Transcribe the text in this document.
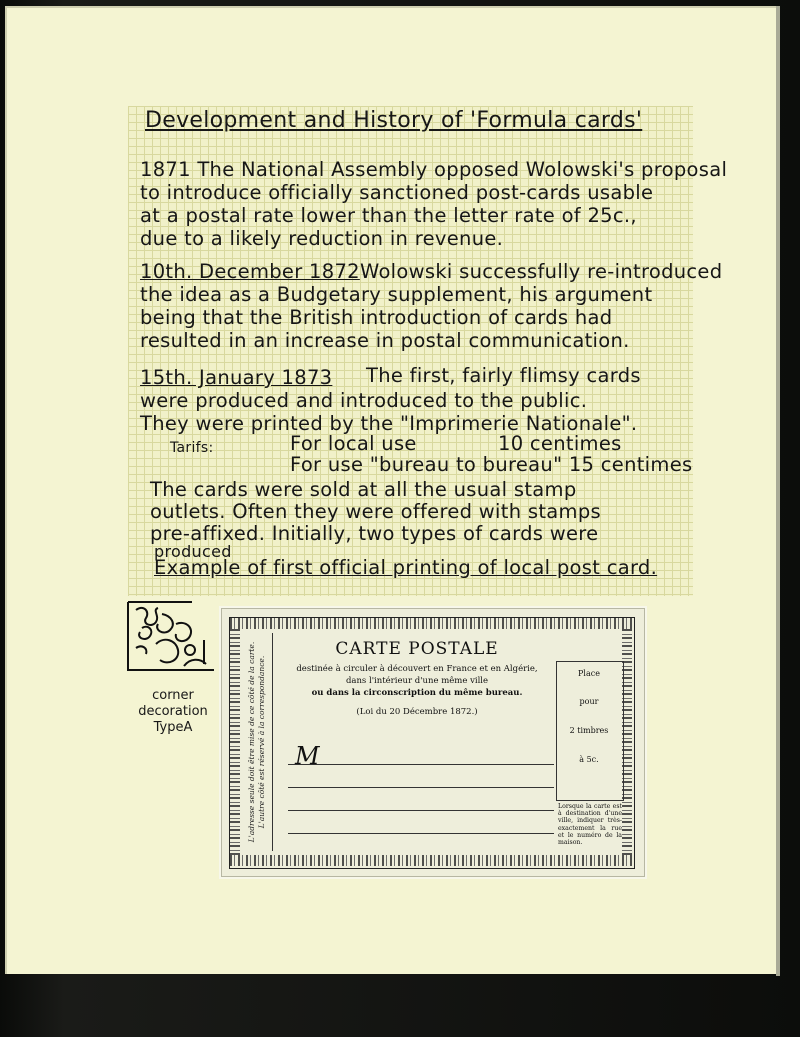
Development and History of 'Formula cards'
1871 The National Assembly opposed Wolowski's proposal
to introduce officially sanctioned post-cards usable
at a postal rate lower than the letter rate of 25c.,
due to a likely reduction in revenue.
10th. December 1872 Wolowski successfully re-introduced
the idea as a Budgetary supplement, his argument
being that the British introduction of cards had
resulted in an increase in postal communication.
15th. January 1873 The first, fairly flimsy cards
were produced and introduced to the public.
They were printed by the "Imprimerie Nationale".
Tarifs:	For local use	10 centimes
For use "bureau to bureau" 15 centimes
The cards were sold at all the usual stamp
outlets. Often they were offered with stamps
pre-affixed. Initially, two types of cards were
produced
Example of first official printing of local post card.
corner
decoration
TypeA	L'adresse seule doit être mise de ce côté de la carte. L'autre côté est réservé à la correspondance.
CARTE POSTALE
destinée à circuler à découvert en France et en Algérie,
dans l'intérieur d'une même ville
ou dans la circonscription du même bureau.
(Loi du 20 Décembre 1872.)
M
Place
pour
2 timbres
à 5c.
Lorsque la carte est à destination d'une ville, indiquer très-exactement la rue et le numéro de la maison.
